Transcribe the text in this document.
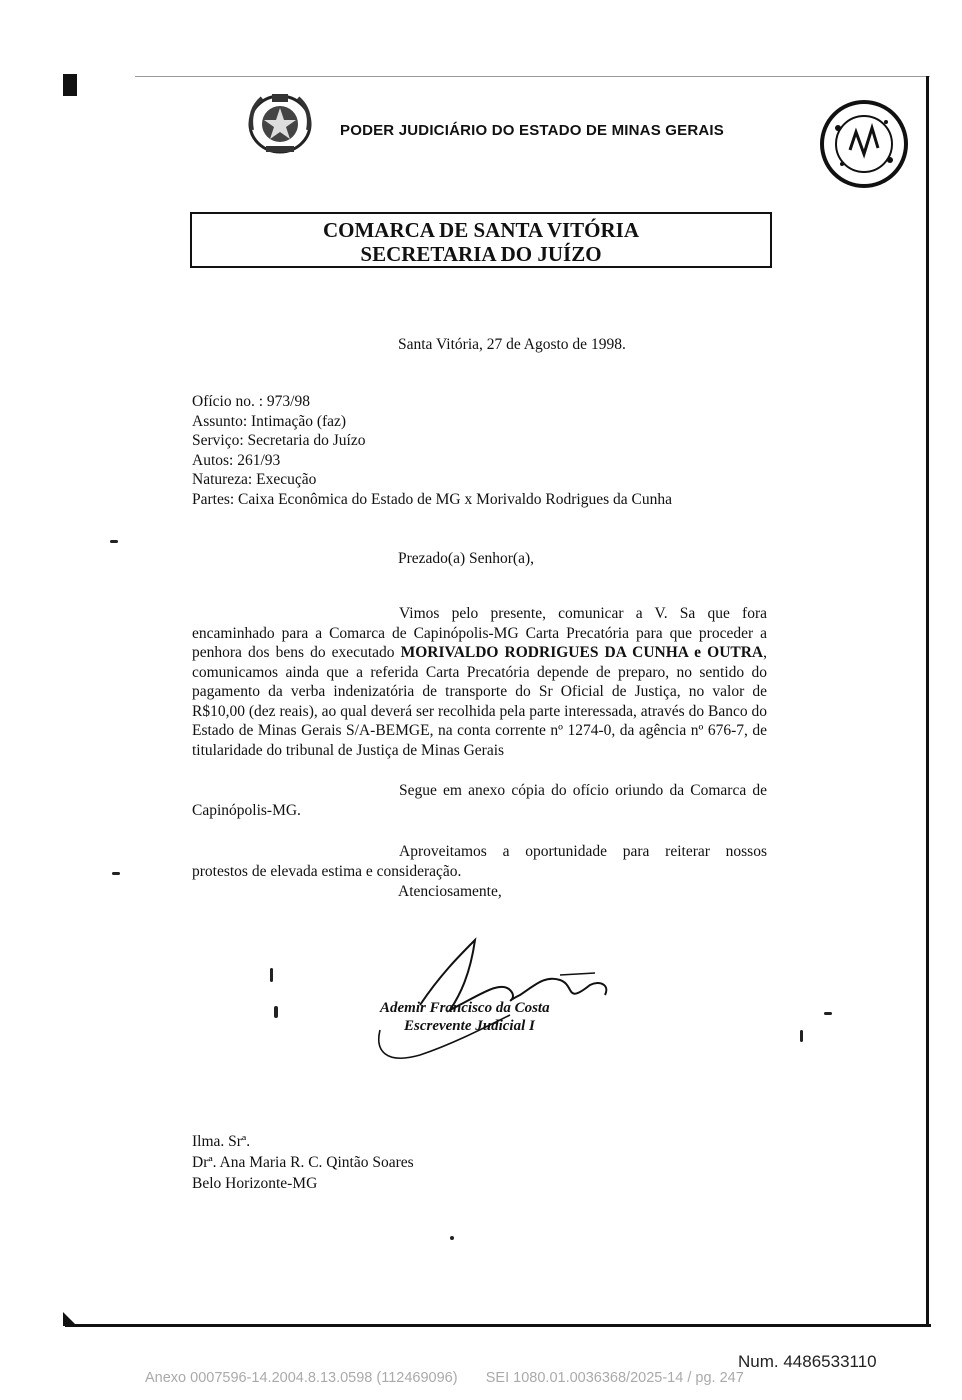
PODER JUDICIÁRIO DO ESTADO DE MINAS GERAIS
COMARCA DE SANTA VITÓRIA
SECRETARIA DO JUÍZO
Santa Vitória, 27 de Agosto de 1998.
Ofício no. : 973/98
Assunto: Intimação (faz)
Serviço: Secretaria do Juízo
Autos: 261/93
Natureza: Execução
Partes: Caixa Econômica do Estado de MG x Morivaldo Rodrigues da Cunha
Prezado(a) Senhor(a),
Vimos pelo presente, comunicar a V. Sa que fora encaminhado para a Comarca de Capinópolis-MG Carta Precatória para que proceder a penhora dos bens do executado MORIVALDO RODRIGUES DA CUNHA e OUTRA, comunicamos ainda que a referida Carta Precatória depende de preparo, no sentido do pagamento da verba indenizatória de transporte do Sr Oficial de Justiça, no valor de R$10,00 (dez reais), ao qual deverá ser recolhida pela parte interessada, através do Banco do Estado de Minas Gerais S/A-BEMGE, na conta corrente nº 1274-0, da agência nº 676-7, de titularidade do tribunal de Justiça de Minas Gerais
Segue em anexo cópia do ofício oriundo da Comarca de Capinópolis-MG.
Aproveitamos a oportunidade para reiterar nossos protestos de elevada estima e consideração.
Atenciosamente,
Ademir Francisco da Costa
Escrevente Judicial I
Ilma. Srª.
Drª. Ana Maria R. C. Qintão Soares
Belo Horizonte-MG
Num. 4486533110
Anexo 0007596-14.2004.8.13.0598 (112469096)       SEI 1080.01.0036368/2025-14 / pg. 247
